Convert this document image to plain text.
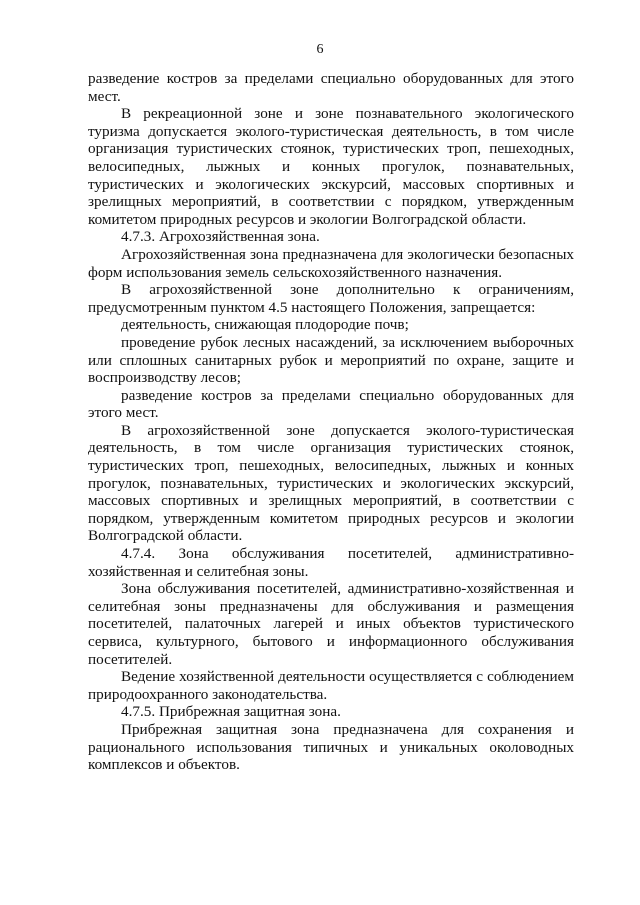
6

разведение костров за пределами специально оборудованных для этого мест.

В рекреационной зоне и зоне познавательного экологического туризма допускается эколого-туристическая деятельность, в том числе организация туристических стоянок, туристических троп, пешеходных, велосипедных, лыжных и конных прогулок, познавательных, туристических и экологических экскурсий, массовых спортивных и зрелищных мероприятий, в соответствии с порядком, утвержденным комитетом природных ресурсов и экологии Волгоградской области.

4.7.3. Агрохозяйственная зона.

Агрохозяйственная зона предназначена для экологически безопасных форм использования земель сельскохозяйственного назначения.

В агрохозяйственной зоне дополнительно к ограничениям, предусмотренным пунктом 4.5 настоящего Положения, запрещается:

деятельность, снижающая плодородие почв;

проведение рубок лесных насаждений, за исключением выборочных или сплошных санитарных рубок и мероприятий по охране, защите и воспроизводству лесов;

разведение костров за пределами специально оборудованных для этого мест.

В агрохозяйственной зоне допускается эколого-туристическая деятельность, в том числе организация туристических стоянок, туристических троп, пешеходных, велосипедных, лыжных и конных прогулок, познавательных, туристических и экологических экскурсий, массовых спортивных и зрелищных мероприятий, в соответствии с порядком, утвержденным комитетом природных ресурсов и экологии Волгоградской области.

4.7.4. Зона обслуживания посетителей, административно-хозяйственная и селитебная зоны.

Зона обслуживания посетителей, административно-хозяйственная и селитебная зоны предназначены для обслуживания и размещения посетителей, палаточных лагерей и иных объектов туристического сервиса, культурного, бытового и информационного обслуживания посетителей.

Ведение хозяйственной деятельности осуществляется с соблюдением природоохранного законодательства.

4.7.5. Прибрежная защитная зона.

Прибрежная защитная зона предназначена для сохранения и рационального использования типичных и уникальных околоводных комплексов и объектов.
